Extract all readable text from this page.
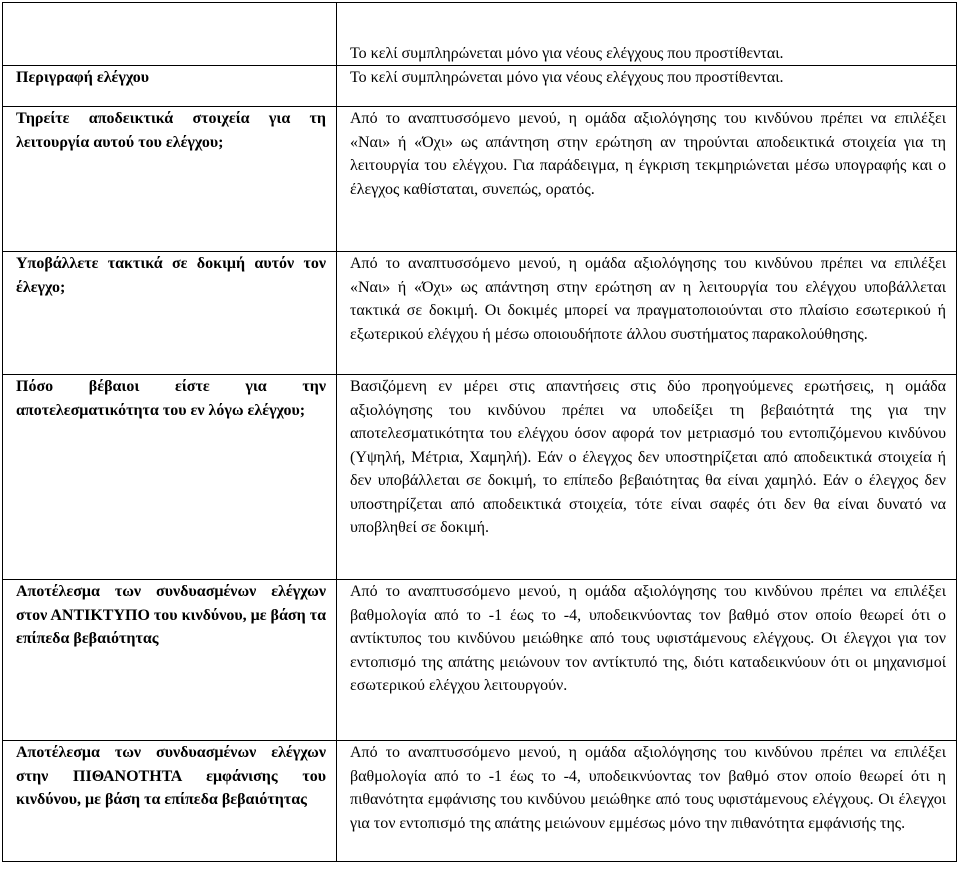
	Το κελί συμπληρώνεται μόνο για νέους ελέγχους που προστίθενται.
Περιγραφή ελέγχου	Το κελί συμπληρώνεται μόνο για νέους ελέγχους που προστίθενται.
Τηρείτε αποδεικτικά στοιχεία για τη λειτουργία αυτού του ελέγχου;	Από το αναπτυσσόμενο μενού, η ομάδα αξιολόγησης του κινδύνου πρέπει να επιλέξει «Ναι» ή «Όχι» ως απάντηση στην ερώτηση αν τηρούνται αποδεικτικά στοιχεία για τη λειτουργία του ελέγχου. Για παράδειγμα, η έγκριση τεκμηριώνεται μέσω υπογραφής και ο έλεγχος καθίσταται, συνεπώς, ορατός.
Υποβάλλετε τακτικά σε δοκιμή αυτόν τον έλεγχο;	Από το αναπτυσσόμενο μενού, η ομάδα αξιολόγησης του κινδύνου πρέπει να επιλέξει «Ναι» ή «Όχι» ως απάντηση στην ερώτηση αν η λειτουργία του ελέγχου υποβάλλεται τακτικά σε δοκιμή. Οι δοκιμές μπορεί να πραγματοποιούνται στο πλαίσιο εσωτερικού ή εξωτερικού ελέγχου ή μέσω οποιουδήποτε άλλου συστήματος παρακολούθησης.
Πόσο βέβαιοι είστε για την αποτελεσματικότητα του εν λόγω ελέγχου;	Βασιζόμενη εν μέρει στις απαντήσεις στις δύο προηγούμενες ερωτήσεις, η ομάδα αξιολόγησης του κινδύνου πρέπει να υποδείξει τη βεβαιότητά της για την αποτελεσματικότητα του ελέγχου όσον αφορά τον μετριασμό του εντοπιζόμενου κινδύνου (Υψηλή, Μέτρια, Χαμηλή). Εάν ο έλεγχος δεν υποστηρίζεται από αποδεικτικά στοιχεία ή δεν υποβάλλεται σε δοκιμή, το επίπεδο βεβαιότητας θα είναι χαμηλό. Εάν ο έλεγχος δεν υποστηρίζεται από αποδεικτικά στοιχεία, τότε είναι σαφές ότι δεν θα είναι δυνατό να υποβληθεί σε δοκιμή.
Αποτέλεσμα των συνδυασμένων ελέγχων στον ΑΝΤΙΚΤΥΠΟ του κινδύνου, με βάση τα επίπεδα βεβαιότητας	Από το αναπτυσσόμενο μενού, η ομάδα αξιολόγησης του κινδύνου πρέπει να επιλέξει βαθμολογία από το -1 έως το -4, υποδεικνύοντας τον βαθμό στον οποίο θεωρεί ότι ο αντίκτυπος του κινδύνου μειώθηκε από τους υφιστάμενους ελέγχους. Οι έλεγχοι για τον εντοπισμό της απάτης μειώνουν τον αντίκτυπό της, διότι καταδεικνύουν ότι οι μηχανισμοί εσωτερικού ελέγχου λειτουργούν.
Αποτέλεσμα των συνδυασμένων ελέγχων στην ΠΙΘΑΝΟΤΗΤΑ εμφάνισης του κινδύνου, με βάση τα επίπεδα βεβαιότητας	Από το αναπτυσσόμενο μενού, η ομάδα αξιολόγησης του κινδύνου πρέπει να επιλέξει βαθμολογία από το -1 έως το -4, υποδεικνύοντας τον βαθμό στον οποίο θεωρεί ότι η πιθανότητα εμφάνισης του κινδύνου μειώθηκε από τους υφιστάμενους ελέγχους. Οι έλεγχοι για τον εντοπισμό της απάτης μειώνουν εμμέσως μόνο την πιθανότητα εμφάνισής της.
